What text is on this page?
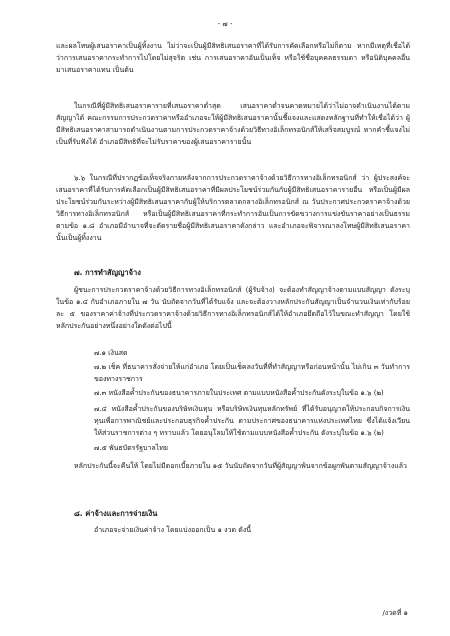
- ๗ -
และผลโทษผู้เสนอราคาเป็นผู้ทิ้งงาน ไม่ว่าจะเป็นผู้มีสิทธิเสนอราคาที่ได้รับการคัดเลือกหรือไม่ก็ตาม หากมีเหตุที่เชื่อได้ว่าการเสนอราคากระทำการไปโดยไม่สุจริต เช่น การเสนอราคาอันเป็นเท็จ หรือใช้ชื่อบุคคลธรรมดา หรือนิติบุคคลอื่นมาเสนอราคาแทน เป็นต้น
ในกรณีที่ผู้มีสิทธิเสนอราคารายที่เสนอราคาต่ำสุด เสนอราคาต่ำจนคาดหมายได้ว่าไม่อาจดำเนินงานได้ตามสัญญาได้ คณะกรรมการประกวดราคาหรืออำเภอจะให้ผู้มีสิทธิเสนอราคานั้นชี้แจงและแสดงหลักฐานที่ทำให้เชื่อได้ว่า ผู้มีสิทธิเสนอราคาสามารถดำเนินงานตามการประกวดราคาจ้างด้วยวิธีทางอิเล็กทรอนิกส์ให้เสร็จสมบูรณ์ หากคำชี้แจงไม่เป็นที่รับฟังได้ อำเภอมีสิทธิที่จะไม่รับราคาของผู้เสนอราคารายนั้น
๖.๖ ในกรณีที่ปรากฏข้อเท็จจริงภายหลังจากการประกวดราคาจ้างด้วยวิธีการทางอิเล็กทรอนิกส์ ว่า ผู้ประสงค์จะเสนอราคาที่ได้รับการคัดเลือกเป็นผู้มีสิทธิเสนอราคาที่มีผลประโยชน์ร่วมกันกับผู้มีสิทธิเสนอราคารายอื่น หรือเป็นผู้มีผลประโยชน์ร่วมกันระหว่างผู้มีสิทธิเสนอราคากับผู้ให้บริการตลาดกลางอิเล็กทรอนิกส์ ณ วันประกาศประกวดราคาจ้างด้วยวิธีการทางอิเล็กทรอนิกส์ หรือเป็นผู้มีสิทธิเสนอราคาที่กระทำการอันเป็นการขัดขวางการแข่งขันราคาอย่างเป็นธรรม ตามข้อ ๑.๘ อำเภอมีอำนาจที่จะตัดรายชื่อผู้มีสิทธิเสนอราคาดังกล่าว และอำเภอจะพิจารณาลงโทษผู้มีสิทธิเสนอราคานั้นเป็นผู้ทิ้งงาน
๗. การทำสัญญาจ้าง
ผู้ชนะการประกวดราคาจ้างด้วยวิธีการทางอิเล็กทรอนิกส์ (ผู้รับจ้าง) จะต้องทำสัญญาจ้างตามแบบสัญญา ดังระบุในข้อ ๑.๔ กับอำเภอภายใน ๗ วัน นับถัดจากวันที่ได้รับแจ้ง และจะต้องวางหลักประกันสัญญาเป็นจำนวนเงินเท่ากับร้อยละ ๕ ของราคาค่าจ้างที่ประกวดราคาจ้างด้วยวิธีการทางอิเล็กทรอนิกส์ได้ให้อำเภอยึดถือไว้ในขณะทำสัญญา โดยใช้หลักประกันอย่างหนึ่งอย่างใดดังต่อไปนี้
๗.๑ เงินสด
๗.๒ เช็ค ที่ธนาคารสั่งจ่ายให้แก่อำเภอ โดยเป็นเช็คลงวันที่ที่ทำสัญญาหรือก่อนหน้านั้น ไม่เกิน ๓ วันทำการของทางราชการ
๗.๓ หนังสือค้ำประกันของธนาคารภายในประเทศ ตามแบบหนังสือค้ำประกันดังระบุในข้อ ๑.๖ (๒)
๗.๔ หนังสือค้ำประกันของบริษัทเงินทุน หรือบริษัทเงินทุนหลักทรัพย์ ที่ได้รับอนุญาตให้ประกอบกิจการเงินทุนเพื่อการพาณิชย์และประกอบธุรกิจค้ำประกัน ตามประกาศของธนาคารแห่งประเทศไทย ซึ่งได้แจ้งเวียนให้ส่วนราชการต่าง ๆ ทราบแล้ว โดยอนุโลมให้ใช้ตามแบบหนังสือค้ำประกัน ดังระบุในข้อ ๑.๖ (๒)
๗.๕ พันธบัตรรัฐบาลไทย
หลักประกันนี้จะคืนให้ โดยไม่มีดอกเบี้ยภายใน ๑๕ วันนับถัดจากวันที่ผู้สัญญาพ้นจากข้อผูกพันตามสัญญาจ้างแล้ว
๘. ค่าจ้างและการจ่ายเงิน
อำเภอจะจ่ายเงินค่าจ้าง โดยแบ่งออกเป็น ๑ งวด ดังนี้
/งวดที่ ๑
